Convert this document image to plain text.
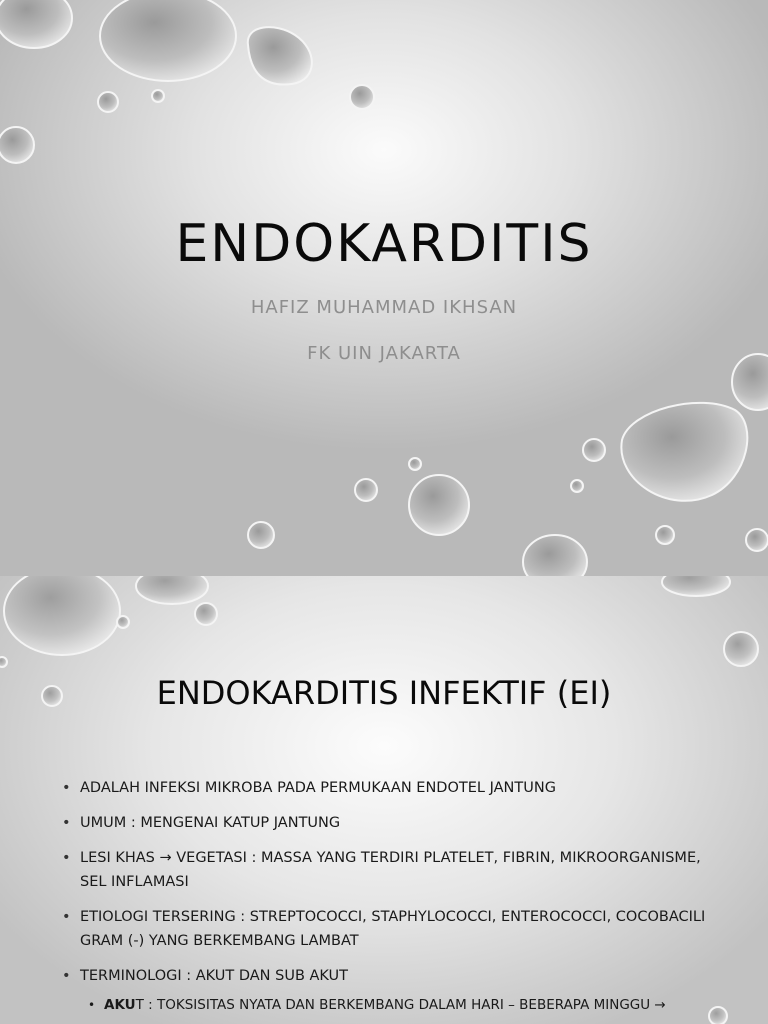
ENDOKARDITIS

HAFIZ MUHAMMAD IKHSAN

FK UIN JAKARTA

ENDOKARDITIS INFEKTIF (EI)
• ADALAH INFEKSI MIKROBA PADA PERMUKAAN ENDOTEL JANTUNG
• UMUM : MENGENAI KATUP JANTUNG
• LESI KHAS → VEGETASI : MASSA YANG TERDIRI PLATELET, FIBRIN, MIKROORGANISME,
SEL INFLAMASI
• ETIOLOGI TERSERING : STREPTOCOCCI, STAPHYLOCOCCI, ENTEROCOCCI, COCOBACILI
GRAM (-) YANG BERKEMBANG LAMBAT
• TERMINOLOGI : AKUT DAN SUB AKUT
• AKUT : TOKSISITAS NYATA DAN BERKEMBANG DALAM HARI – BEBERAPA MINGGU →
